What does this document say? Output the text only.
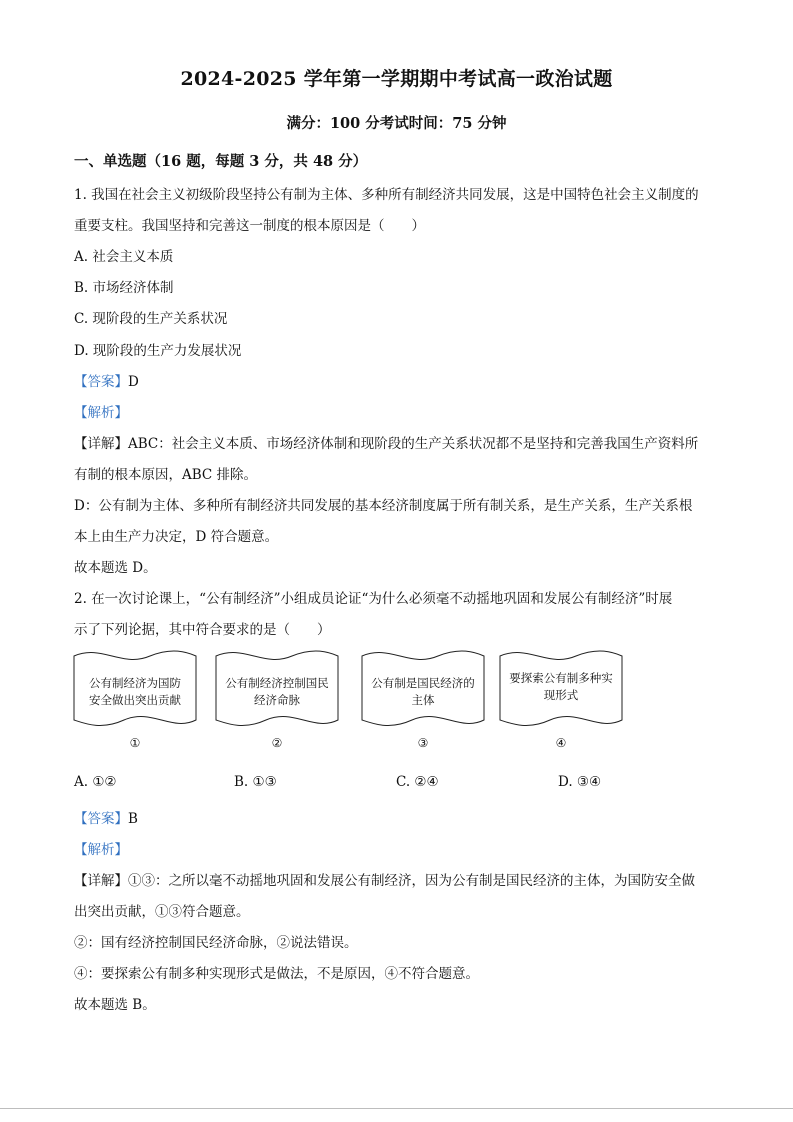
2024-2025 学年第一学期期中考试高一政治试题
满分：100 分考试时间：75 分钟
一、单选题（16 题，每题 3 分，共 48 分）
1. 我国在社会主义初级阶段坚持公有制为主体、多种所有制经济共同发展，这是中国特色社会主义制度的
重要支柱。我国坚持和完善这一制度的根本原因是（　　）
A. 社会主义本质
B. 市场经济体制
C. 现阶段的生产关系状况
D. 现阶段的生产力发展状况
【答案】D
【解析】
【详解】ABC：社会主义本质、市场经济体制和现阶段的生产关系状况都不是坚持和完善我国生产资料所
有制的根本原因，ABC 排除。
D：公有制为主体、多种所有制经济共同发展的基本经济制度属于所有制关系，是生产关系，生产关系根
本上由生产力决定，D 符合题意。
故本题选 D。
2. 在一次讨论课上，“公有制经济”小组成员论证“为什么必须毫不动摇地巩固和发展公有制经济”时展
示了下列论据，其中符合要求的是（　　）
公有制经济为国防
安全做出突出贡献
①
公有制经济控制国民
经济命脉
②
公有制是国民经济的
主体
③
要探索公有制多种实
现形式
④
A. ①②	B. ①③	C. ②④	D. ③④
【答案】B
【解析】
【详解】①③：之所以毫不动摇地巩固和发展公有制经济，因为公有制是国民经济的主体，为国防安全做
出突出贡献，①③符合题意。
②：国有经济控制国民经济命脉，②说法错误。
④：要探索公有制多种实现形式是做法，不是原因，④不符合题意。
故本题选 B。
